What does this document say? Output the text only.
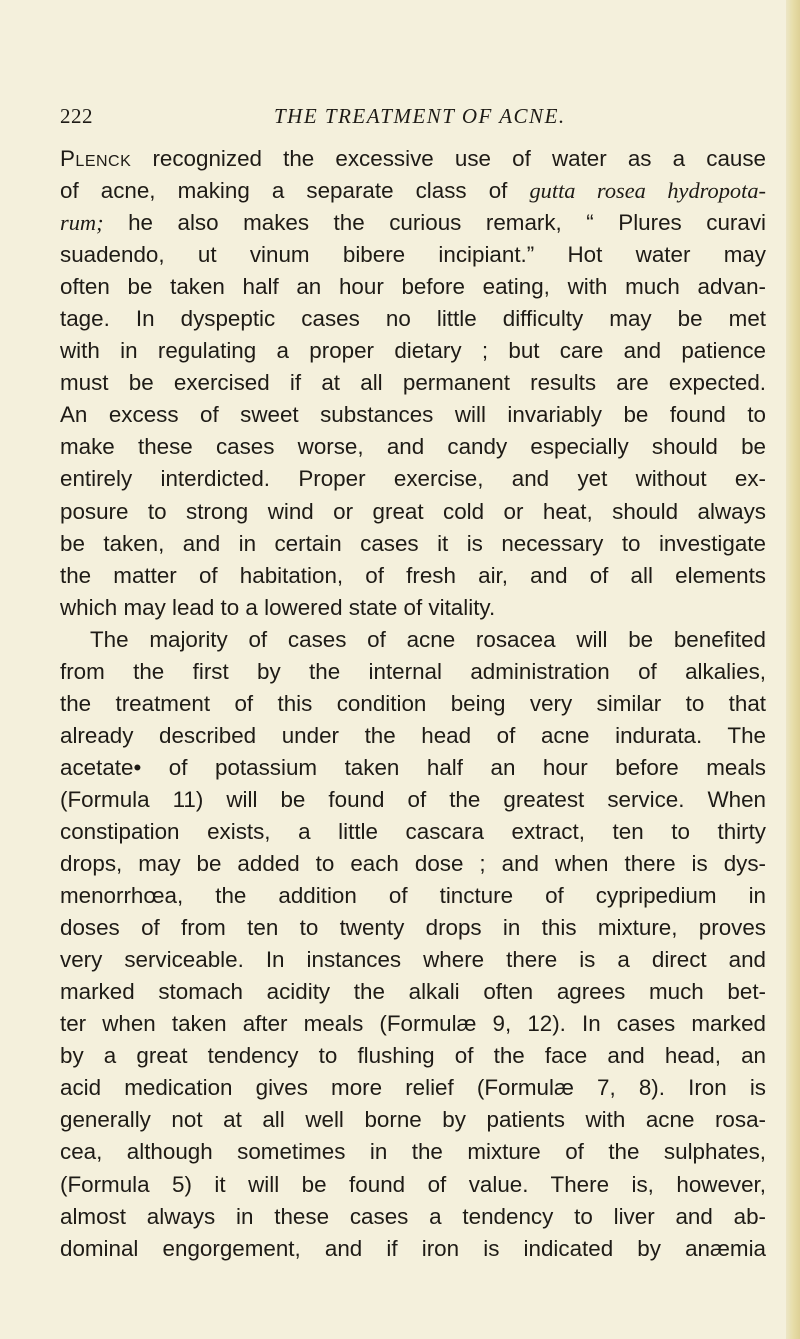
222	THE TREATMENT OF ACNE.
Plenck recognized the excessive use of water as a cause
of acne, making a separate class of gutta rosea hydropota-
rum; he also makes the curious remark, “ Plures curavi
suadendo, ut vinum bibere incipiant.” Hot water may
often be taken half an hour before eating, with much advan-
tage. In dyspeptic cases no little difficulty may be met
with in regulating a proper dietary ; but care and patience
must be exercised if at all permanent results are expected.
An excess of sweet substances will invariably be found to
make these cases worse, and candy especially should be
entirely interdicted. Proper exercise, and yet without ex-
posure to strong wind or great cold or heat, should always
be taken, and in certain cases it is necessary to investigate
the matter of habitation, of fresh air, and of all elements
which may lead to a lowered state of vitality.
The majority of cases of acne rosacea will be benefited
from the first by the internal administration of alkalies,
the treatment of this condition being very similar to that
already described under the head of acne indurata. The
acetate• of potassium taken half an hour before meals
(Formula 11) will be found of the greatest service. When
constipation exists, a little cascara extract, ten to thirty
drops, may be added to each dose ; and when there is dys-
menorrhœa, the addition of tincture of cypripedium in
doses of from ten to twenty drops in this mixture, proves
very serviceable. In instances where there is a direct and
marked stomach acidity the alkali often agrees much bet-
ter when taken after meals (Formulæ 9, 12). In cases marked
by a great tendency to flushing of the face and head, an
acid medication gives more relief (Formulæ 7, 8). Iron is
generally not at all well borne by patients with acne rosa-
cea, although sometimes in the mixture of the sulphates,
(Formula 5) it will be found of value. There is, however,
almost always in these cases a tendency to liver and ab-
dominal engorgement, and if iron is indicated by anæmia
